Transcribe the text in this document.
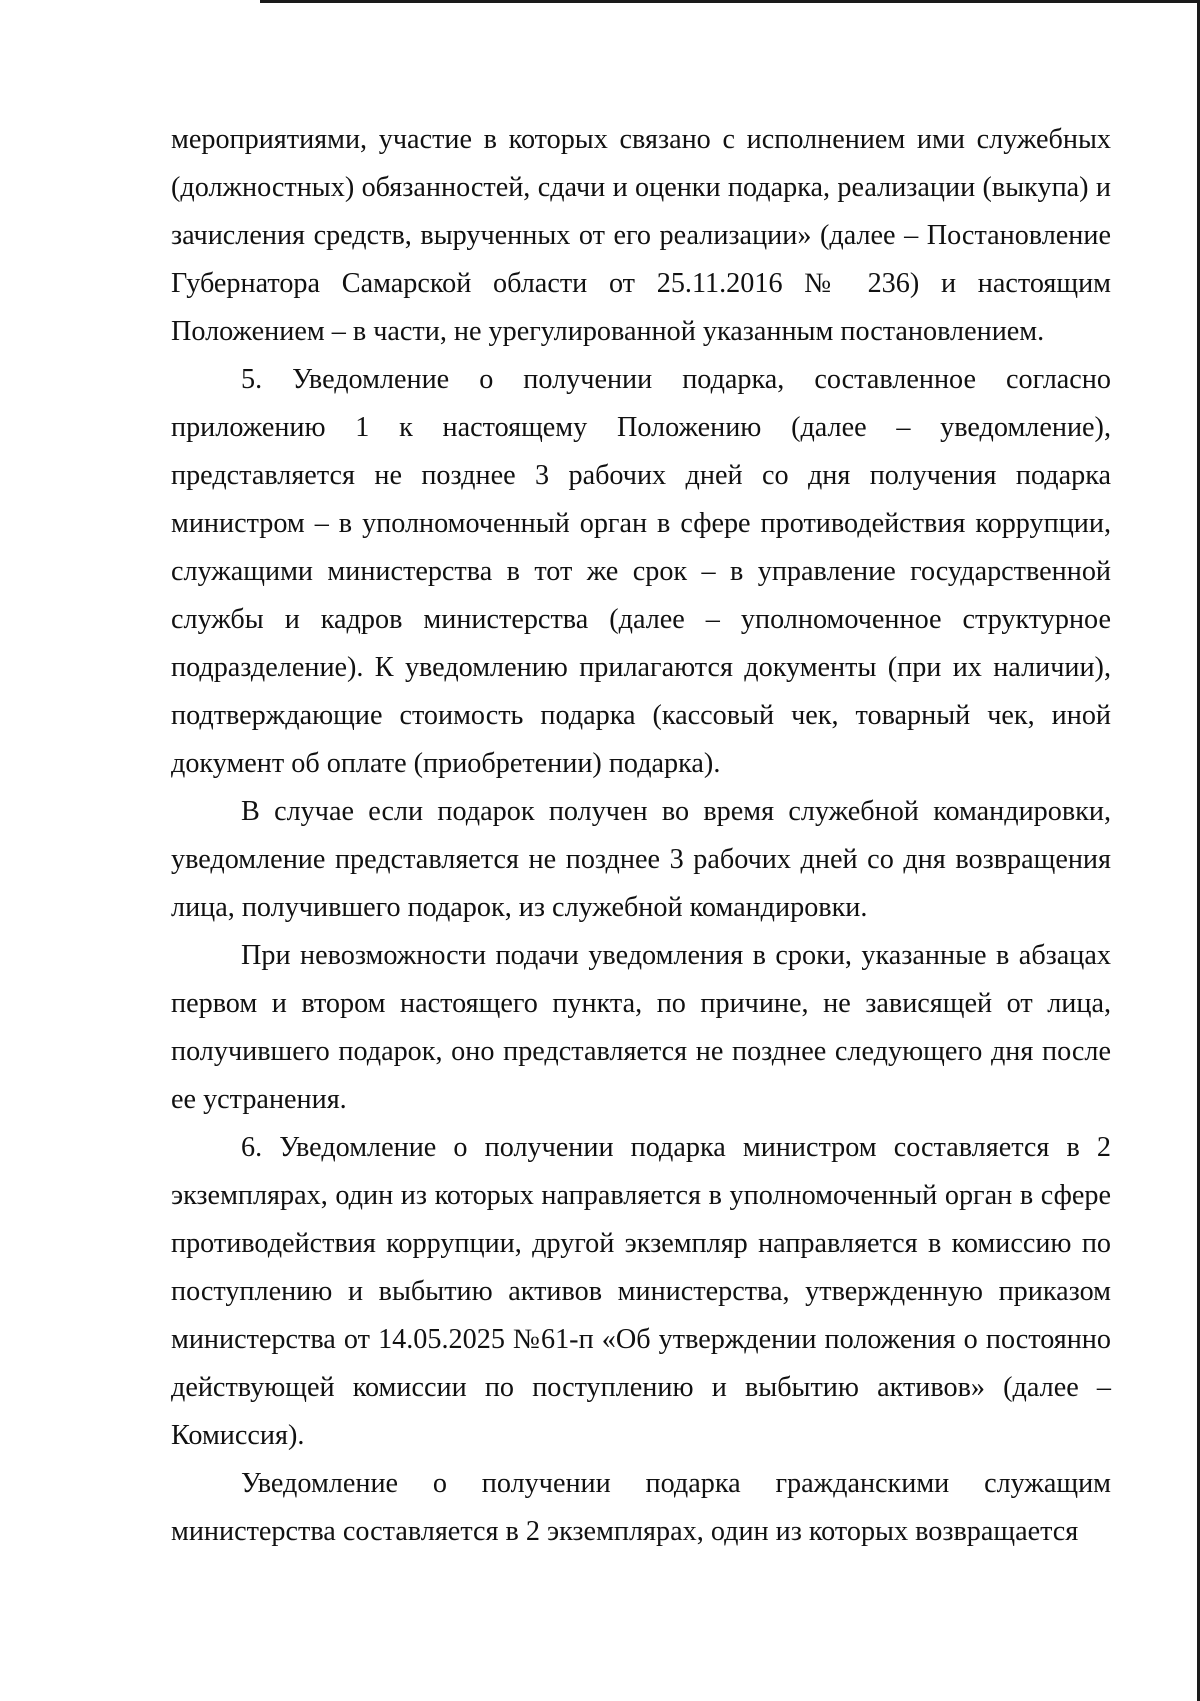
мероприятиями, участие в которых связано с исполнением ими служебных (должностных) обязанностей, сдачи и оценки подарка, реализации (выкупа) и зачисления средств, вырученных от его реализации» (далее – Постановление Губернатора Самарской области от 25.11.2016 № 236) и настоящим Положением – в части, не урегулированной указанным постановлением.

5. Уведомление о получении подарка, составленное согласно приложению 1 к настоящему Положению (далее – уведомление), представляется не позднее 3 рабочих дней со дня получения подарка министром – в уполномоченный орган в сфере противодействия коррупции, служащими министерства в тот же срок – в управление государственной службы и кадров министерства (далее – уполномоченное структурное подразделение). К уведомлению прилагаются документы (при их наличии), подтверждающие стоимость подарка (кассовый чек, товарный чек, иной документ об оплате (приобретении) подарка).

В случае если подарок получен во время служебной командировки, уведомление представляется не позднее 3 рабочих дней со дня возвращения лица, получившего подарок, из служебной командировки.

При невозможности подачи уведомления в сроки, указанные в абзацах первом и втором настоящего пункта, по причине, не зависящей от лица, получившего подарок, оно представляется не позднее следующего дня после ее устранения.

6. Уведомление о получении подарка министром составляется в 2 экземплярах, один из которых направляется в уполномоченный орган в сфере противодействия коррупции, другой экземпляр направляется в комиссию по поступлению и выбытию активов министерства, утвержденную приказом министерства от 14.05.2025 №61-п «Об утверждении положения о постоянно действующей комиссии по поступлению и выбытию активов» (далее – Комиссия).

Уведомление о получении подарка гражданскими служащим министерства составляется в 2 экземплярах, один из которых возвращается
